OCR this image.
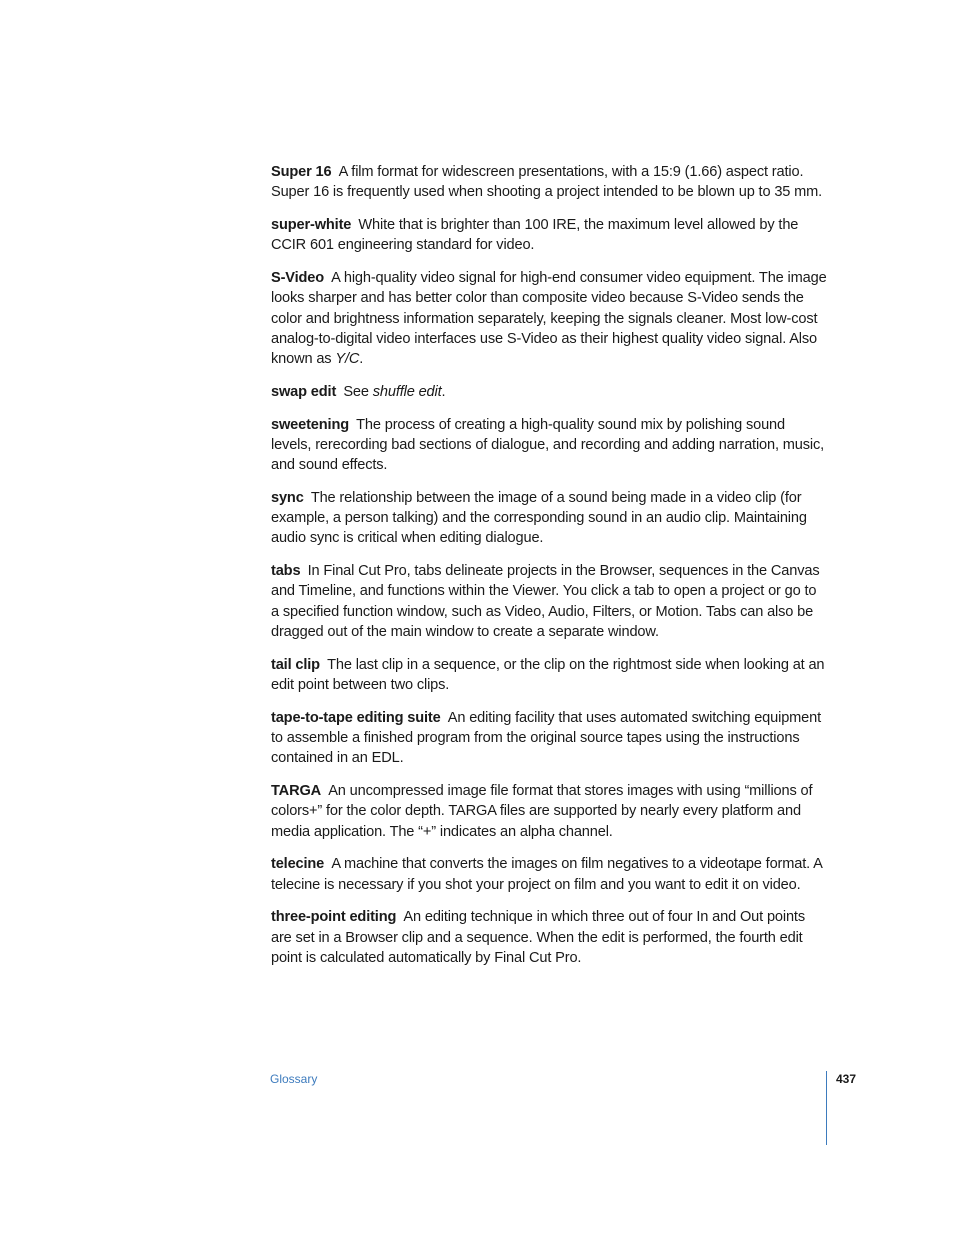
Super 16  A film format for widescreen presentations, with a 15:9 (1.66) aspect ratio. Super 16 is frequently used when shooting a project intended to be blown up to 35 mm.

super-white  White that is brighter than 100 IRE, the maximum level allowed by the CCIR 601 engineering standard for video.

S-Video  A high-quality video signal for high-end consumer video equipment. The image looks sharper and has better color than composite video because S-Video sends the color and brightness information separately, keeping the signals cleaner. Most low-cost analog-to-digital video interfaces use S-Video as their highest quality video signal. Also known as Y/C.

swap edit  See shuffle edit.

sweetening  The process of creating a high-quality sound mix by polishing sound levels, rerecording bad sections of dialogue, and recording and adding narration, music, and sound effects.

sync  The relationship between the image of a sound being made in a video clip (for example, a person talking) and the corresponding sound in an audio clip. Maintaining audio sync is critical when editing dialogue.

tabs  In Final Cut Pro, tabs delineate projects in the Browser, sequences in the Canvas and Timeline, and functions within the Viewer. You click a tab to open a project or go to a specified function window, such as Video, Audio, Filters, or Motion. Tabs can also be dragged out of the main window to create a separate window.

tail clip  The last clip in a sequence, or the clip on the rightmost side when looking at an edit point between two clips.

tape-to-tape editing suite  An editing facility that uses automated switching equipment to assemble a finished program from the original source tapes using the instructions contained in an EDL.

TARGA  An uncompressed image file format that stores images with using “millions of colors+” for the color depth. TARGA files are supported by nearly every platform and media application. The “+” indicates an alpha channel.

telecine  A machine that converts the images on film negatives to a videotape format. A telecine is necessary if you shot your project on film and you want to edit it on video.

three-point editing  An editing technique in which three out of four In and Out points are set in a Browser clip and a sequence. When the edit is performed, the fourth edit point is calculated automatically by Final Cut Pro.

Glossary	437
